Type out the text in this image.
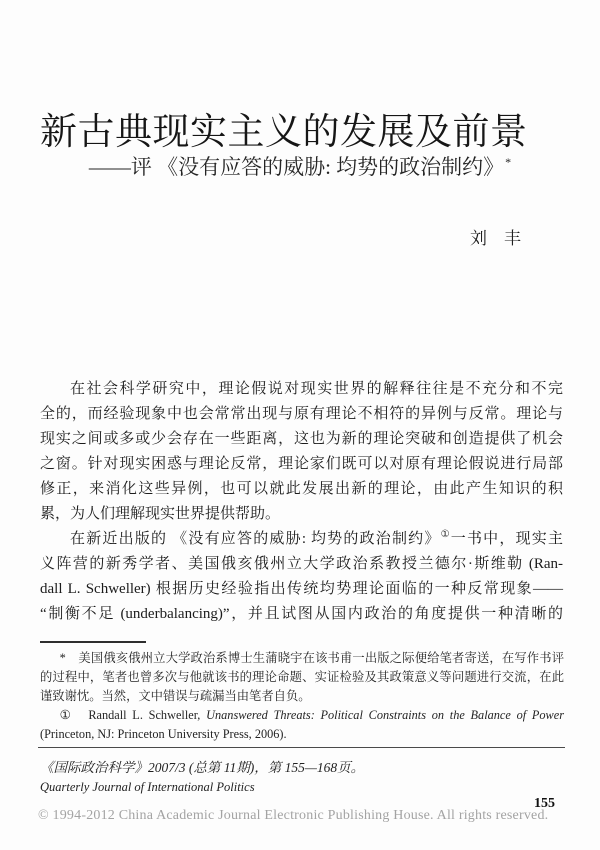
新古典现实主义的发展及前景
——评 《没有应答的威胁: 均势的政治制约》*
刘　丰
在社会科学研究中，理论假说对现实世界的解释往往是不充分和不完
全的，而经验现象中也会常常出现与原有理论不相符的异例与反常。理论与
现实之间或多或少会存在一些距离，这也为新的理论突破和创造提供了机会
之窗。针对现实困惑与理论反常，理论家们既可以对原有理论假说进行局部
修正，来消化这些异例，也可以就此发展出新的理论，由此产生知识的积
累，为人们理解现实世界提供帮助。
在新近出版的 《没有应答的威胁: 均势的政治制约》①一书中，现实主
义阵营的新秀学者、美国俄亥俄州立大学政治系教授兰德尔·斯维勒 (Ran-
dall L. Schweller) 根据历史经验指出传统均势理论面临的一种反常现象——
“制衡不足 (underbalancing)”，并且试图从国内政治的角度提供一种清晰的

*　美国俄亥俄州立大学政治系博士生蒲晓宇在该书甫一出版之际便给笔者寄送，在写作书评的过程中，笔者也曾多次与他就该书的理论命题、实证检验及其政策意义等问题进行交流，在此谨致谢忱。当然，文中错误与疏漏当由笔者自负。

①　Randall L. Schweller, Unanswered Threats: Political Constraints on the Balance of Power (Princeton, NJ: Princeton University Press, 2006).

《国际政治科学》2007/3 (总第 11期)，第 155—168页。
Quarterly Journal of International Politics
155
© 1994-2012 China Academic Journal Electronic Publishing House. All rights reserved.
